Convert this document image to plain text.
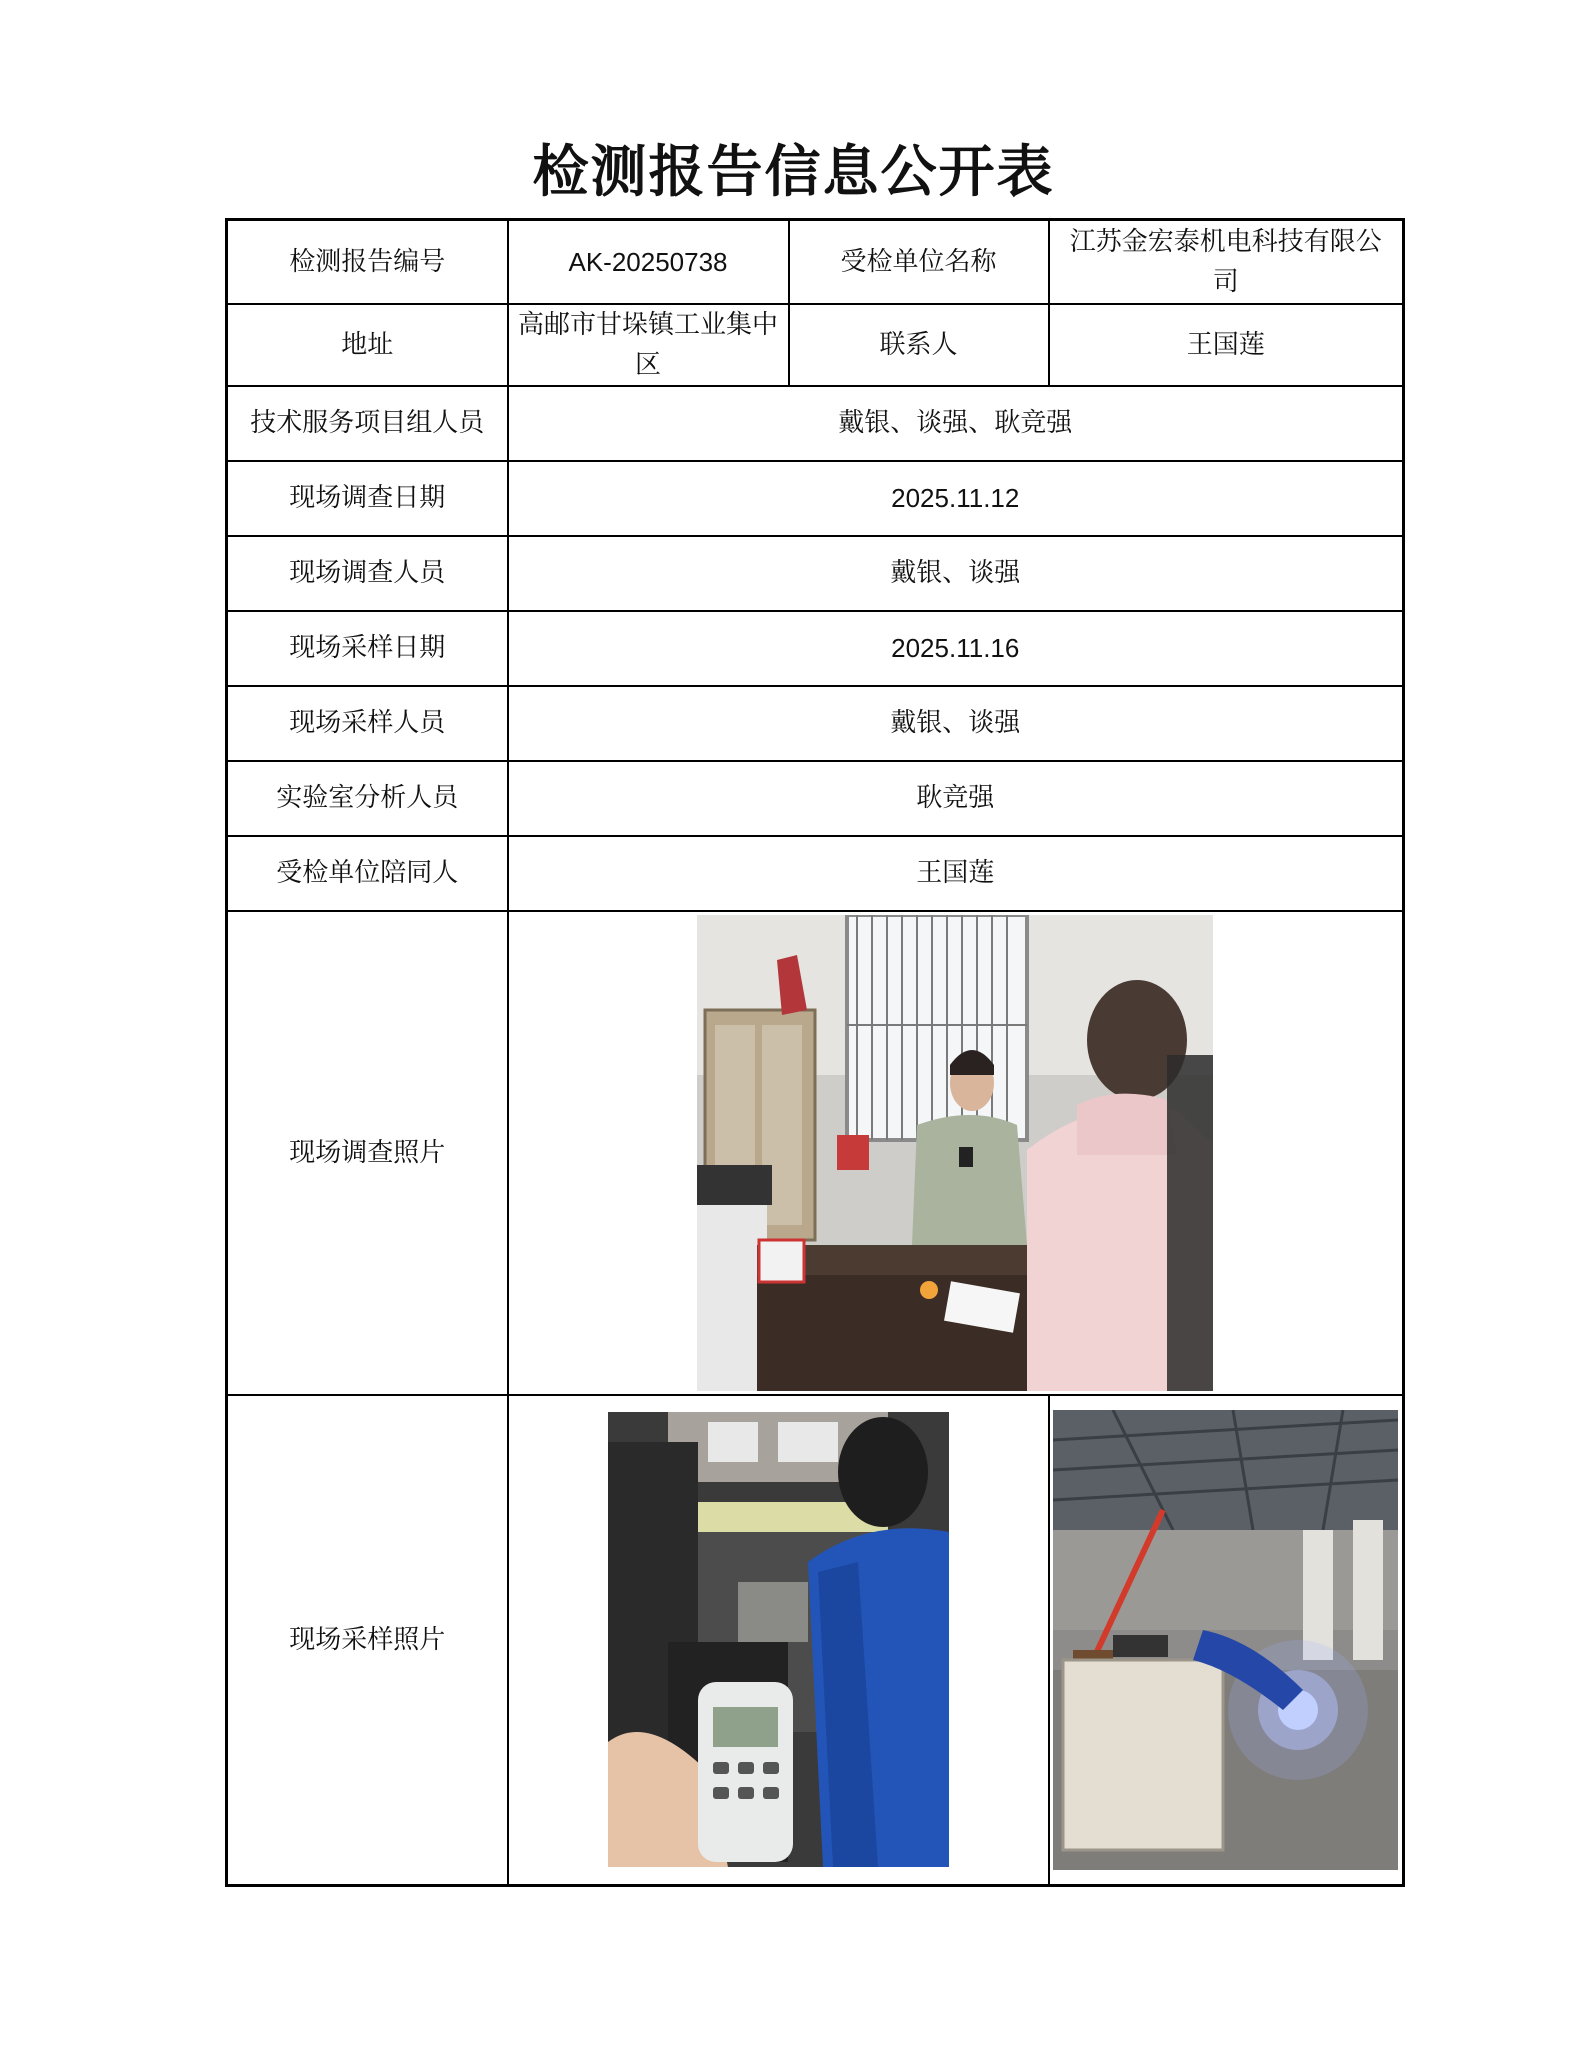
检测报告信息公开表
检测报告编号	AK-20250738	受检单位名称	江苏金宏泰机电科技有限公司
地址	高邮市甘垛镇工业集中区	联系人	王国莲
技术服务项目组人员	戴银、谈强、耿竞强		
现场调查日期	2025.11.12		
现场调查人员	戴银、谈强		
现场采样日期	2025.11.16		
现场采样人员	戴银、谈强		
实验室分析人员	耿竞强		
受检单位陪同人	王国莲		
现场调查照片	

现场采样照片	
